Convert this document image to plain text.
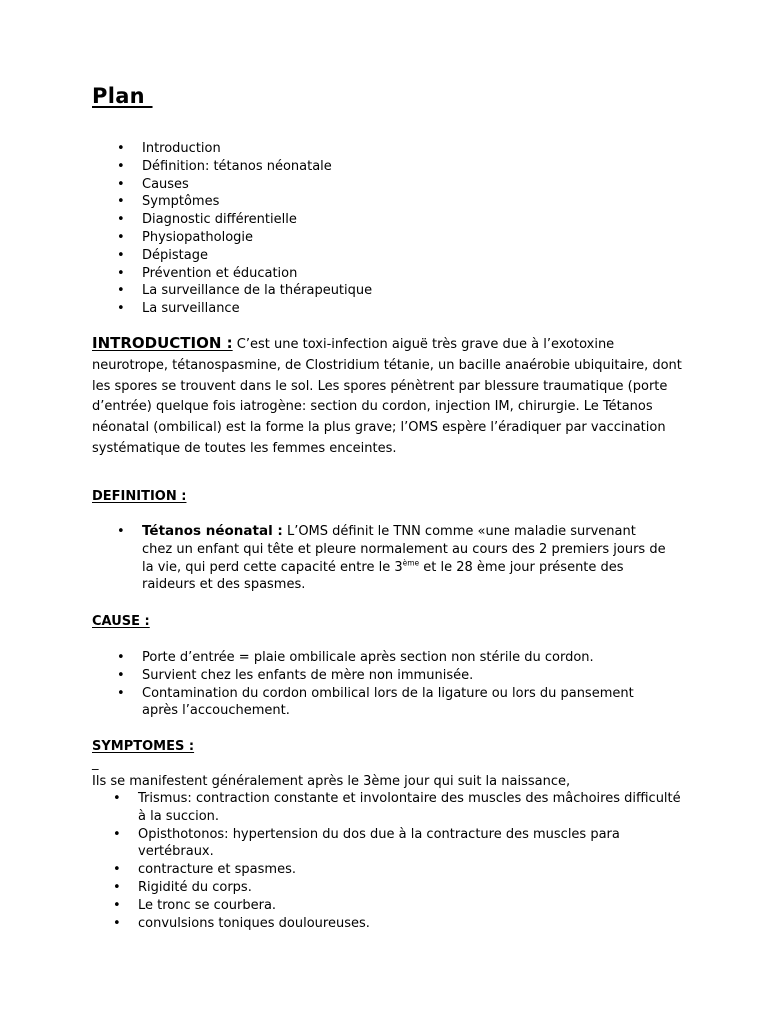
Plan
• Introduction
• Définition: tétanos néonatale
• Causes
• Symptômes
• Diagnostic différentielle
• Physiopathologie
• Dépistage
• Prévention et éducation
• La surveillance de la thérapeutique
• La surveillance
INTRODUCTION : C’est une toxi-infection aiguë très grave due à l’exotoxine neurotrope, tétanospasmine, de Clostridium tétanie, un bacille anaérobie ubiquitaire, dont les spores se trouvent dans le sol. Les spores pénètrent par blessure traumatique (porte d’entrée) quelque fois iatrogène: section du cordon, injection IM, chirurgie. Le Tétanos néonatal (ombilical) est la forme la plus grave; l’OMS espère l’éradiquer par vaccination systématique de toutes les femmes enceintes.
DEFINITION :
• Tétanos néonatal : L’OMS définit le TNN comme «une maladie survenant chez un enfant qui tête et pleure normalement au cours des 2 premiers jours de la vie, qui perd cette capacité entre le 3ème et le 28 ème jour présente des raideurs et des spasmes.
CAUSE :
• Porte d’entrée = plaie ombilicale après section non stérile du cordon.
• Survient chez les enfants de mère non immunisée.
• Contamination du cordon ombilical lors de la ligature ou lors du pansement après l’accouchement.
SYMPTOMES :
_
Ils se manifestent généralement après le 3ème jour qui suit la naissance,
• Trismus: contraction constante et involontaire des muscles des mâchoires difficulté à la succion.
• Opisthotonos: hypertension du dos due à la contracture des muscles para vertébraux.
• contracture et spasmes.
• Rigidité du corps.
• Le tronc se courbera.
• convulsions toniques douloureuses.
